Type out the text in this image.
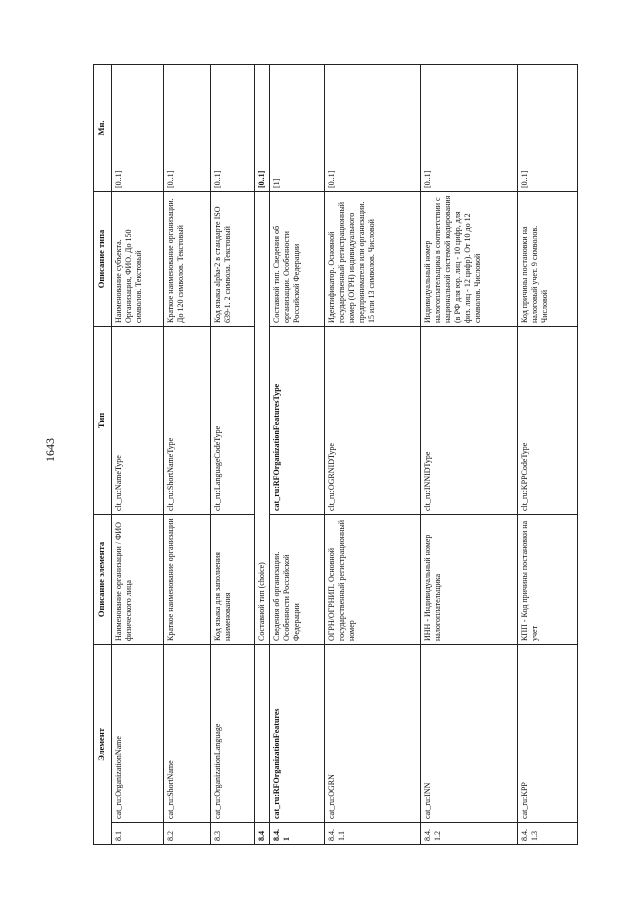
1643
Элемент		Описание элемента	Тип	Описание типа	Мн.
8.1	cat_ru:OrganizationName	Наименование организации / ФИО физического лица	clt_ru:NameType	Наименование субъекта. Организация, ФИО. До 150 символов. Текстовый	[0..1]
8.2	cat_ru:ShortName	Краткое наименование организации	clt_ru:ShortNameType	Краткое наименование организации. До 120 символов. Текстовый	[0..1]
8.3	cat_ru:OrganizationLanguage	Код языка для заполнения наименования	clt_ru:LanguageCodeType	Код языка alpha-2 в стандарте ISO 639-1. 2 символа. Текстовый	[0..1]
8.4		Составной тип (choice)			[0..1]
8.4.1	cat_ru:RFOrganizationFeatures	Сведения об организации. Особенности Российской Федерации	cat_ru:RFOrganizationFeaturesType	Составной тип. Сведения об организации. Особенности Российской Федерации	[1]
8.4.1.1	cat_ru:OGRN	ОГРН/ОГРНИП. Основной государственный регистрационный номер	clt_ru:OGRNIDType	Идентификатор. Основной государственный регистрационный номер (ОГРН) индивидуального предпринимателя или организации. 15 или 13 символов. Числовой	[0..1]
8.4.1.2	cat_ru:INN	ИНН - Индивидуальный номер налогоплательщика	clt_ru:INNIDType	Индивидуальный номер налогоплательщика в соответствии с национальной системой кодирования (в РФ для юр. лиц - 10 цифр, для физ. лиц - 12 цифр). От 10 до 12 символов. Числовой	[0..1]
8.4.1.3	cat_ru:KPP	КПП - Код причины постановки на учет	clt_ru:KPPCodeType	Код причины постановки на налоговый учет. 9 символов. Числовой	[0..1]
